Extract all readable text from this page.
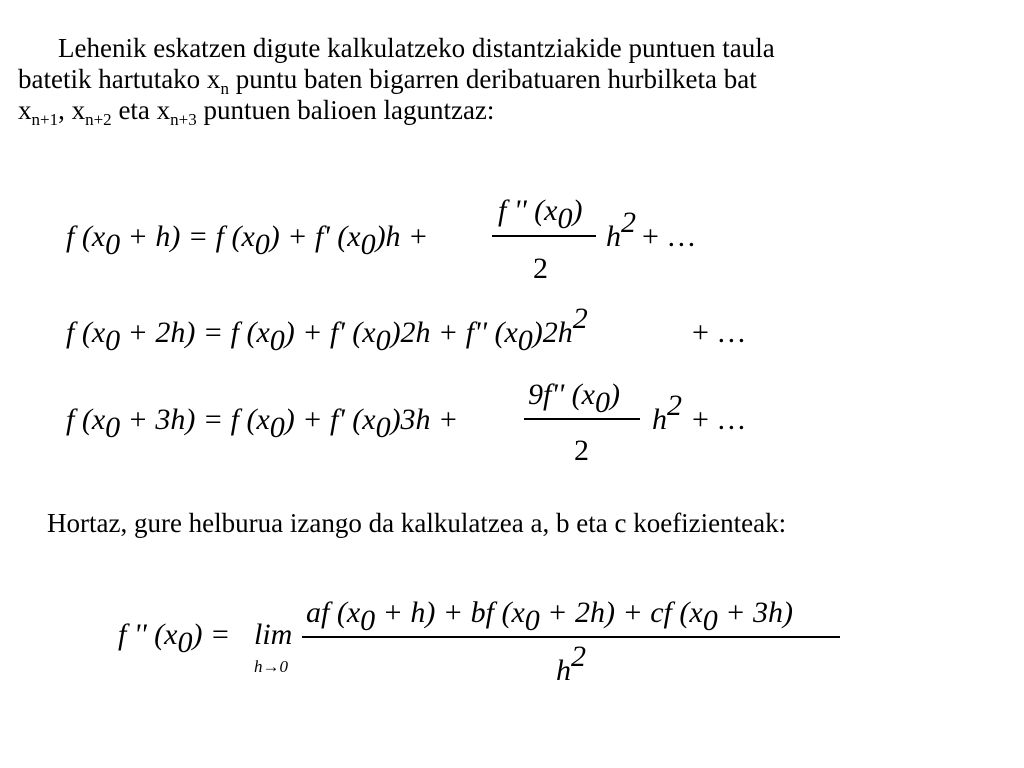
Lehenik eskatzen digute kalkulatzeko distantziakide puntuen taula
batetik hartutako $x_n$ puntu baten bigarren deribatuaren hurbilketa bat
$x_{n+1}$, $x_{n+2}$ eta $x_{n+3}$ puntuen balioen laguntzaz:
f (x0 + h) = f (x0) + f' (x0)h +
f '' (x0)
2
h2 + …
f (x0 + 2h) = f (x0) + f' (x0)2h + f'' (x0)2h2	+ …
f (x0 + 3h) = f (x0) + f' (x0)3h +
9f'' (x0)
2
h2 + …
f '' (x0) = lim
h→0
af (x0 + h) + bf (x0 + 2h) + cf (x0 + 3h)
h2
Hortaz, gure helburua izango da kalkulatzea a, b eta c koefizienteak:
